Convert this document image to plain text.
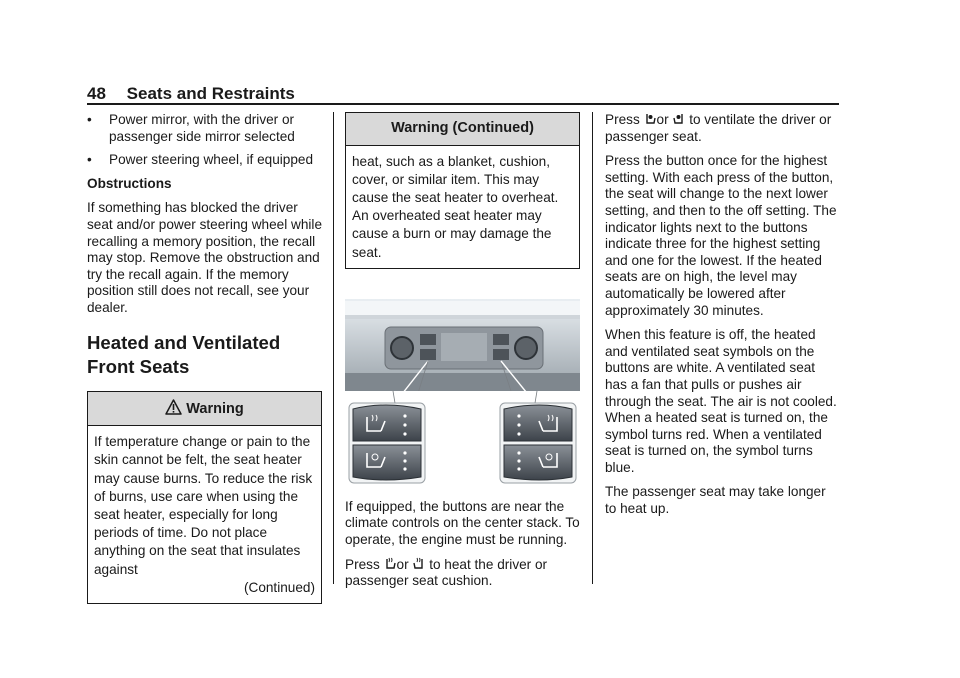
48 Seats and Restraints
•	Power mirror, with the driver or passenger side mirror selected
•	Power steering wheel, if equipped

Obstructions

If something has blocked the driver seat and/or power steering wheel while recalling a memory position, the recall may stop. Remove the obstruction and try the recall again. If the memory position still does not recall, see your dealer.

Heated and Ventilated
Front Seats
Warning
If temperature change or pain to the skin cannot be felt, the seat heater may cause burns. To reduce the risk of burns, use care when using the seat heater, especially for long periods of time. Do not place anything on the seat that insulates against
(Continued)
Warning (Continued)
heat, such as a blanket, cushion, cover, or similar item. This may cause the seat heater to overheat. An overheated seat heater may cause a burn or may damage the seat.

If equipped, the buttons are near the climate controls on the center stack. To operate, the engine must be running.

Press or to heat the driver or passenger seat cushion.

Press or to ventilate the driver or passenger seat.

Press the button once for the highest setting. With each press of the button, the seat will change to the next lower setting, and then to the off setting. The indicator lights next to the buttons indicate three for the highest setting and one for the lowest. If the heated seats are on high, the level may automatically be lowered after approximately 30 minutes.

When this feature is off, the heated and ventilated seat symbols on the buttons are white. A ventilated seat has a fan that pulls or pushes air through the seat. The air is not cooled. When a heated seat is turned on, the symbol turns red. When a ventilated seat is turned on, the symbol turns blue.

The passenger seat may take longer to heat up.
